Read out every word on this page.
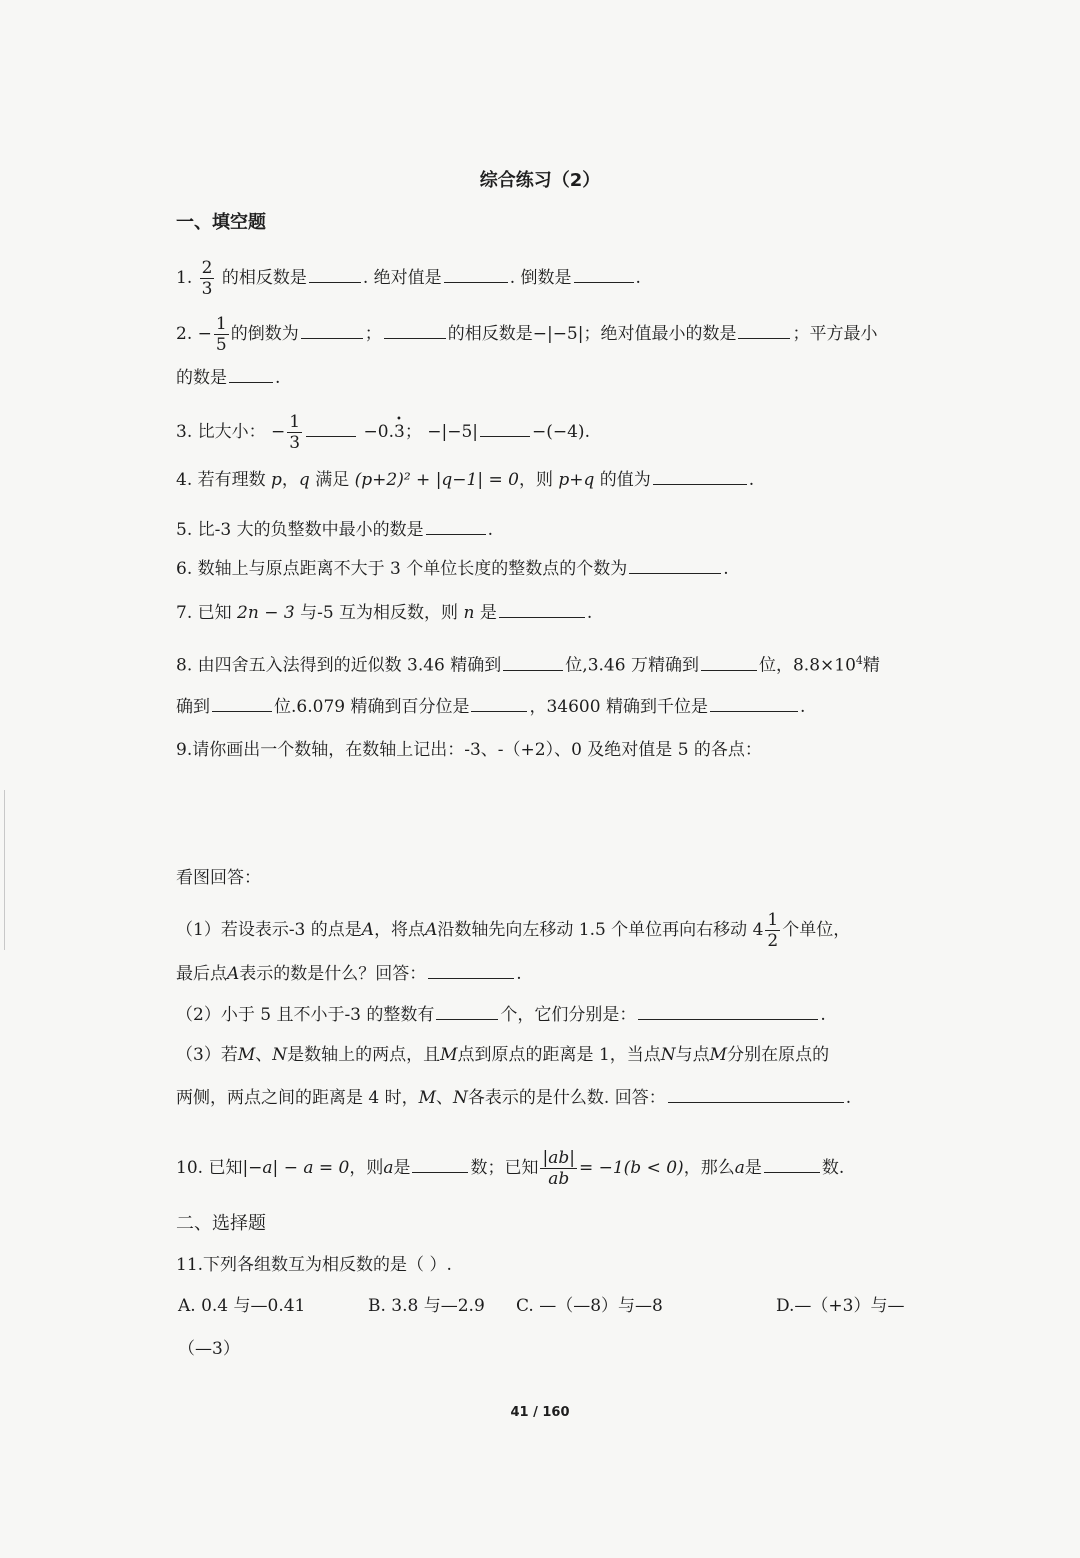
综合练习（2）
一、填空题
1. $\frac{2}{3}$ 的相反数是	. 绝对值是	. 倒数是	.
2. − $\frac{1}{5}$ 的倒数为	；	的相反数是−|−5|；绝对值最小的数是	；平方最小
的数是	.
3. 比大小： − $\frac{1}{3}$	−0.• 3； −|−5|	−(−4).
4. 若有理数 p，q 满足 (p+2)² + |q−1| = 0，则 p+q 的值为	.
5. 比-3 大的负整数中最小的数是	.
6. 数轴上与原点距离不大于 3 个单位长度的整数点的个数为	.
7. 已知 2n − 3 与-5 互为相反数，则 n 是	.
8. 由四舍五入法得到的近似数 3.46 精确到	位,3.46 万精确到	位，$8.8\times 10^4$精
确到	位.6.079 精确到百分位是	，34600 精确到千位是	.
9.请你画出一个数轴，在数轴上记出：-3、-（+2）、0 及绝对值是 5 的各点：
看图回答：
（1）若设表示-3 的点是A，将点A沿数轴先向左移动 1.5 个单位再向右移动 $4 \frac{1}{2}$ 个单位，
最后点A表示的数是什么？回答：	.
（2）小于 5 且不小于-3 的整数有	个，它们分别是：	.
（3）若M、N是数轴上的两点，且M点到原点的距离是 1，当点N与点M分别在原点的
两侧，两点之间的距离是 4 时，M、N各表示的是什么数. 回答：	.
10. 已知|−a| − a = 0，则a是	数；已知 $\frac{|ab|}{ab} = -1(b < 0)$，那么a是	数.
二、选择题
11.下列各组数互为相反数的是（ ）.
A. 0.4 与—0.41	B. 3.8 与—2.9 C. —（—8）与—8	D.—（+3）与—
（—3）
41 / 160
